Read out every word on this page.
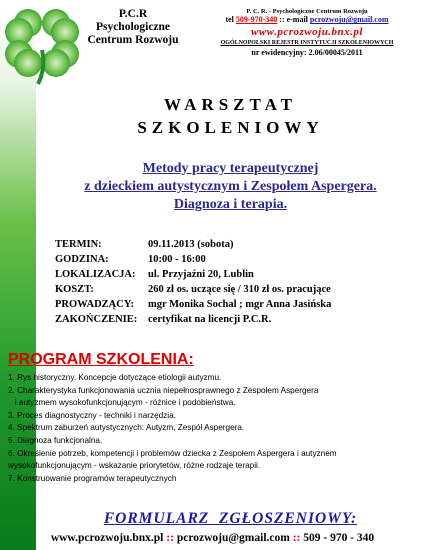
P.C.R
Psychologiczne
Centrum Rozwoju
P. C. R. - Psychologiczne Centrum Rozwoju
tel 509-970-340 :: e-mail pcrozwoju@gmail.com
www.pcrozwoju.bnx.pl
OGÓLNOPOLSKI REJESTR INSTYTUCJI SZKOLENIOWYCH
nr ewidencyjny: 2.06/00045/2011
WARSZTAT
SZKOLENIOWY
Metody pracy terapeutycznej
z dzieckiem autystycznym i Zespołem Aspergera.
Diagnoza i terapia.
TERMIN:	09.11.2013 (sobota)
GODZINA:	10:00 - 16:00
LOKALIZACJA:	ul. Przyjaźni 20, Lublin
KOSZT:	260 zł os. uczące się / 310 zł os. pracujące
PROWADZĄCY:	mgr Monika Sochal ; mgr Anna Jasińska
ZAKOŃCZENIE:	certyfikat na licencji P.C.R.
PROGRAM SZKOLENIA:
1. Rys historyczny. Koncepcje dotyczące etiologii autyzmu.
2. Charakterystyka funkcjonowania ucznia niepełnosprawnego z Zespołem Aspergera
i autyzmem wysokofunkcjonującym - różnice i podobieństwa.
3. Proces diagnostyczny - techniki i narzędzia.
4. Spektrum zaburzeń autystycznych: Autyzm, Zespół Aspergera.
5. Diagnoza funkcjonalna.
6. Określenie potrzeb, kompetencji i problemów dziecka z Zespołem Aspergera i autyznem
wysokofunkcjonującym - wskazanie priorytetów, różne rodzaje terapii.
7. Konstruowanie programów terapeutycznych
FORMULARZ  ZGŁOSZENIOWY:
www.pcrozwoju.bnx.pl :: pcrozwoju@gmail.com :: 509 - 970 - 340
